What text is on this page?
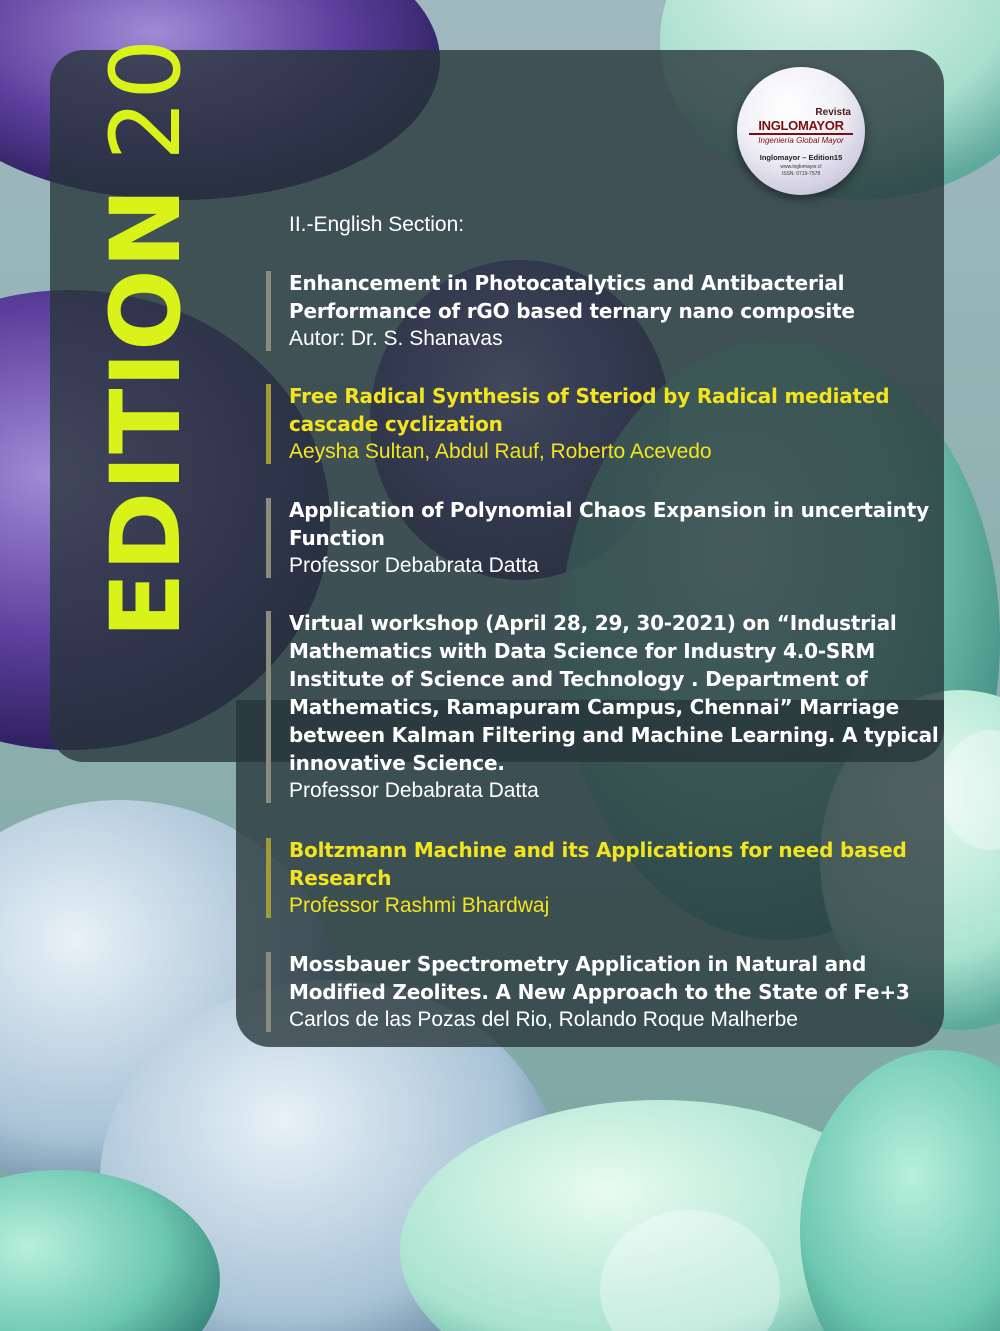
EDITION20	Revista
INGLOMAYOR
Ingeniería Global Mayor
Inglomayor – Edition15
www.inglomayor.cl
ISSN: 0719-7578
II.-English Section:
Enhancement in Photocatalytics and Antibacterial Performance of rGO based ternary nano composite
Autor: Dr. S. Shanavas
Free Radical Synthesis of Steriod by Radical mediated cascade cyclization
Aeysha Sultan, Abdul Rauf, Roberto Acevedo
Application of Polynomial Chaos Expansion in uncertainty Function
Professor Debabrata Datta
Virtual workshop (April 28, 29, 30-2021) on “Industrial Mathematics with Data Science for Industry 4.0-SRM Institute of Science and Technology . Department of Mathematics, Ramapuram Campus, Chennai” Marriage between Kalman Filtering and Machine Learning. A typical innovative Science.
Professor Debabrata Datta
Boltzmann Machine and its Applications for need based Research
Professor Rashmi Bhardwaj
Mossbauer Spectrometry Application in Natural and Modified Zeolites. A New Approach to the State of Fe+3
Carlos de las Pozas del Rio, Rolando Roque Malherbe
